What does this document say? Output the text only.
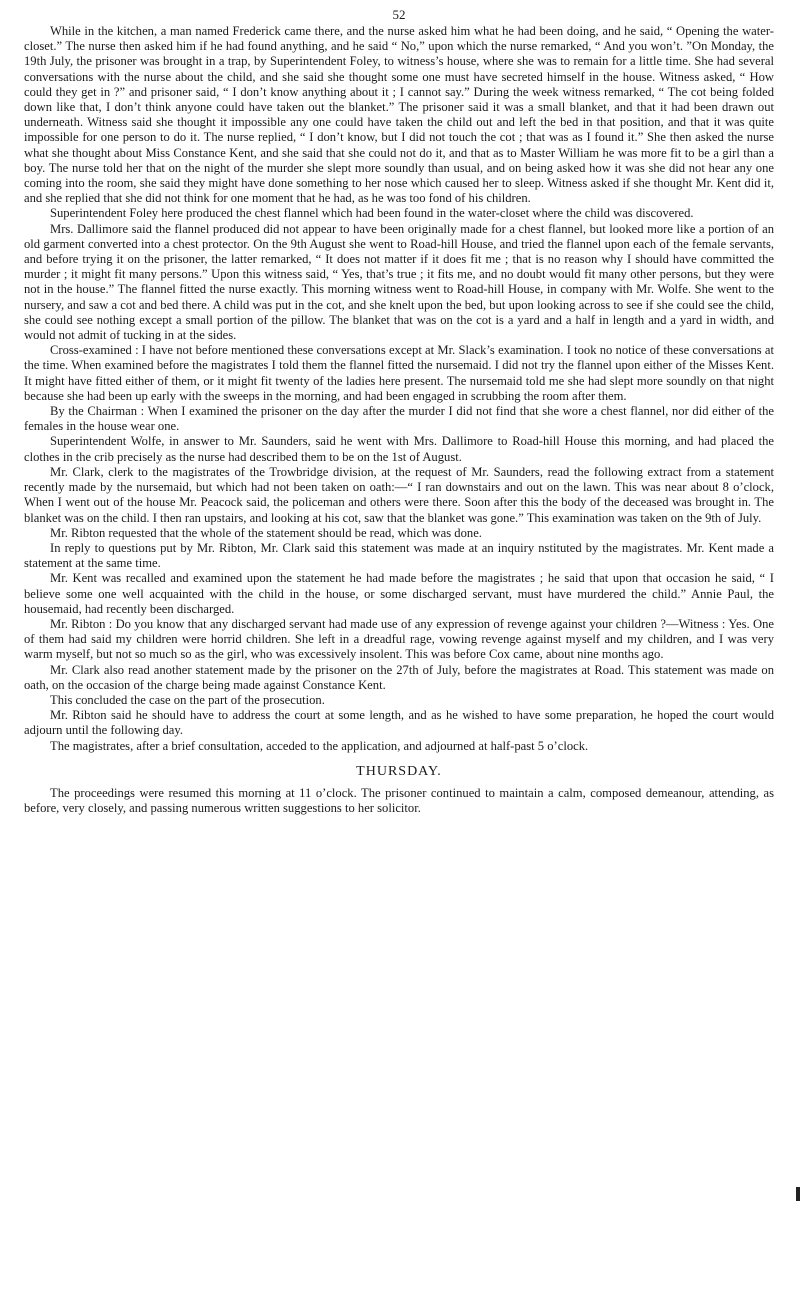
52

While in the kitchen, a man named Frederick came there, and the nurse asked him what he had been doing, and he said, “ Opening the water-closet.” The nurse then asked him if he had found anything, and he said “ No,” upon which the nurse remarked, “ And you won’t. ”On Monday, the 19th July, the prisoner was brought in a trap, by Superintendent Foley, to witness’s house, where she was to remain for a little time. She had several conversations with the nurse about the child, and she said she thought some one must have secreted himself in the house. Witness asked, “ How could they get in ?” and prisoner said, “ I don’t know anything about it ; I cannot say.” During the week witness remarked, “ The cot being folded down like that, I don’t think anyone could have taken out the blanket.” The prisoner said it was a small blanket, and that it had been drawn out underneath. Witness said she thought it impossible any one could have taken the child out and left the bed in that position, and that it was quite impossible for one person to do it. The nurse replied, “ I don’t know, but I did not touch the cot ; that was as I found it.” She then asked the nurse what she thought about Miss Constance Kent, and she said that she could not do it, and that as to Master William he was more fit to be a girl than a boy. The nurse told her that on the night of the murder she slept more soundly than usual, and on being asked how it was she did not hear any one coming into the room, she said they might have done something to her nose which caused her to sleep. Witness asked if she thought Mr. Kent did it, and she replied that she did not think for one moment that he had, as he was too fond of his children.

Superintendent Foley here produced the chest flannel which had been found in the water-closet where the child was discovered.

Mrs. Dallimore said the flannel produced did not appear to have been originally made for a chest flannel, but looked more like a portion of an old garment converted into a chest protector. On the 9th August she went to Road-hill House, and tried the flannel upon each of the female servants, and before trying it on the prisoner, the latter remarked, “ It does not matter if it does fit me ; that is no reason why I should have committed the murder ; it might fit many persons.” Upon this witness said, “ Yes, that’s true ; it fits me, and no doubt would fit many other persons, but they were not in the house.” The flannel fitted the nurse exactly. This morning witness went to Road-hill House, in company with Mr. Wolfe. She went to the nursery, and saw a cot and bed there. A child was put in the cot, and she knelt upon the bed, but upon looking across to see if she could see the child, she could see nothing except a small portion of the pillow. The blanket that was on the cot is a yard and a half in length and a yard in width, and would not admit of tucking in at the sides.

Cross-examined : I have not before mentioned these conversations except at Mr. Slack’s examination. I took no notice of these conversations at the time. When examined before the magistrates I told them the flannel fitted the nursemaid. I did not try the flannel upon either of the Misses Kent. It might have fitted either of them, or it might fit twenty of the ladies here present. The nursemaid told me she had slept more soundly on that night because she had been up early with the sweeps in the morning, and had been engaged in scrubbing the room after them.

By the Chairman : When I examined the prisoner on the day after the murder I did not find that she wore a chest flannel, nor did either of the females in the house wear one.

Superintendent Wolfe, in answer to Mr. Saunders, said he went with Mrs. Dallimore to Road-hill House this morning, and had placed the clothes in the crib precisely as the nurse had described them to be on the 1st of August.

Mr. Clark, clerk to the magistrates of the Trowbridge division, at the request of Mr. Saunders, read the following extract from a statement recently made by the nursemaid, but which had not been taken on oath:—“ I ran downstairs and out on the lawn. This was near about 8 o’clock, When I went out of the house Mr. Peacock said, the policeman and others were there. Soon after this the body of the deceased was brought in. The blanket was on the child. I then ran upstairs, and looking at his cot, saw that the blanket was gone.” This examination was taken on the 9th of July.

Mr. Ribton requested that the whole of the statement should be read, which was done.

In reply to questions put by Mr. Ribton, Mr. Clark said this statement was made at an inquiry nstituted by the magistrates. Mr. Kent made a statement at the same time.

Mr. Kent was recalled and examined upon the statement he had made before the magistrates ; he said that upon that occasion he said, “ I believe some one well acquainted with the child in the house, or some discharged servant, must have murdered the child.” Annie Paul, the housemaid, had recently been discharged.

Mr. Ribton : Do you know that any discharged servant had made use of any expression of revenge against your children ?—Witness : Yes. One of them had said my children were horrid children. She left in a dreadful rage, vowing revenge against myself and my children, and I was very warm myself, but not so much so as the girl, who was excessively insolent. This was before Cox came, about nine months ago.

Mr. Clark also read another statement made by the prisoner on the 27th of July, before the magistrates at Road. This statement was made on oath, on the occasion of the charge being made against Constance Kent.

This concluded the case on the part of the prosecution.

Mr. Ribton said he should have to address the court at some length, and as he wished to have some preparation, he hoped the court would adjourn until the following day.

The magistrates, after a brief consultation, acceded to the application, and adjourned at half-past 5 o’clock.

THURSDAY.

The proceedings were resumed this morning at 11 o’clock. The prisoner continued to maintain a calm, composed demeanour, attending, as before, very closely, and passing numerous written suggestions to her solicitor.
